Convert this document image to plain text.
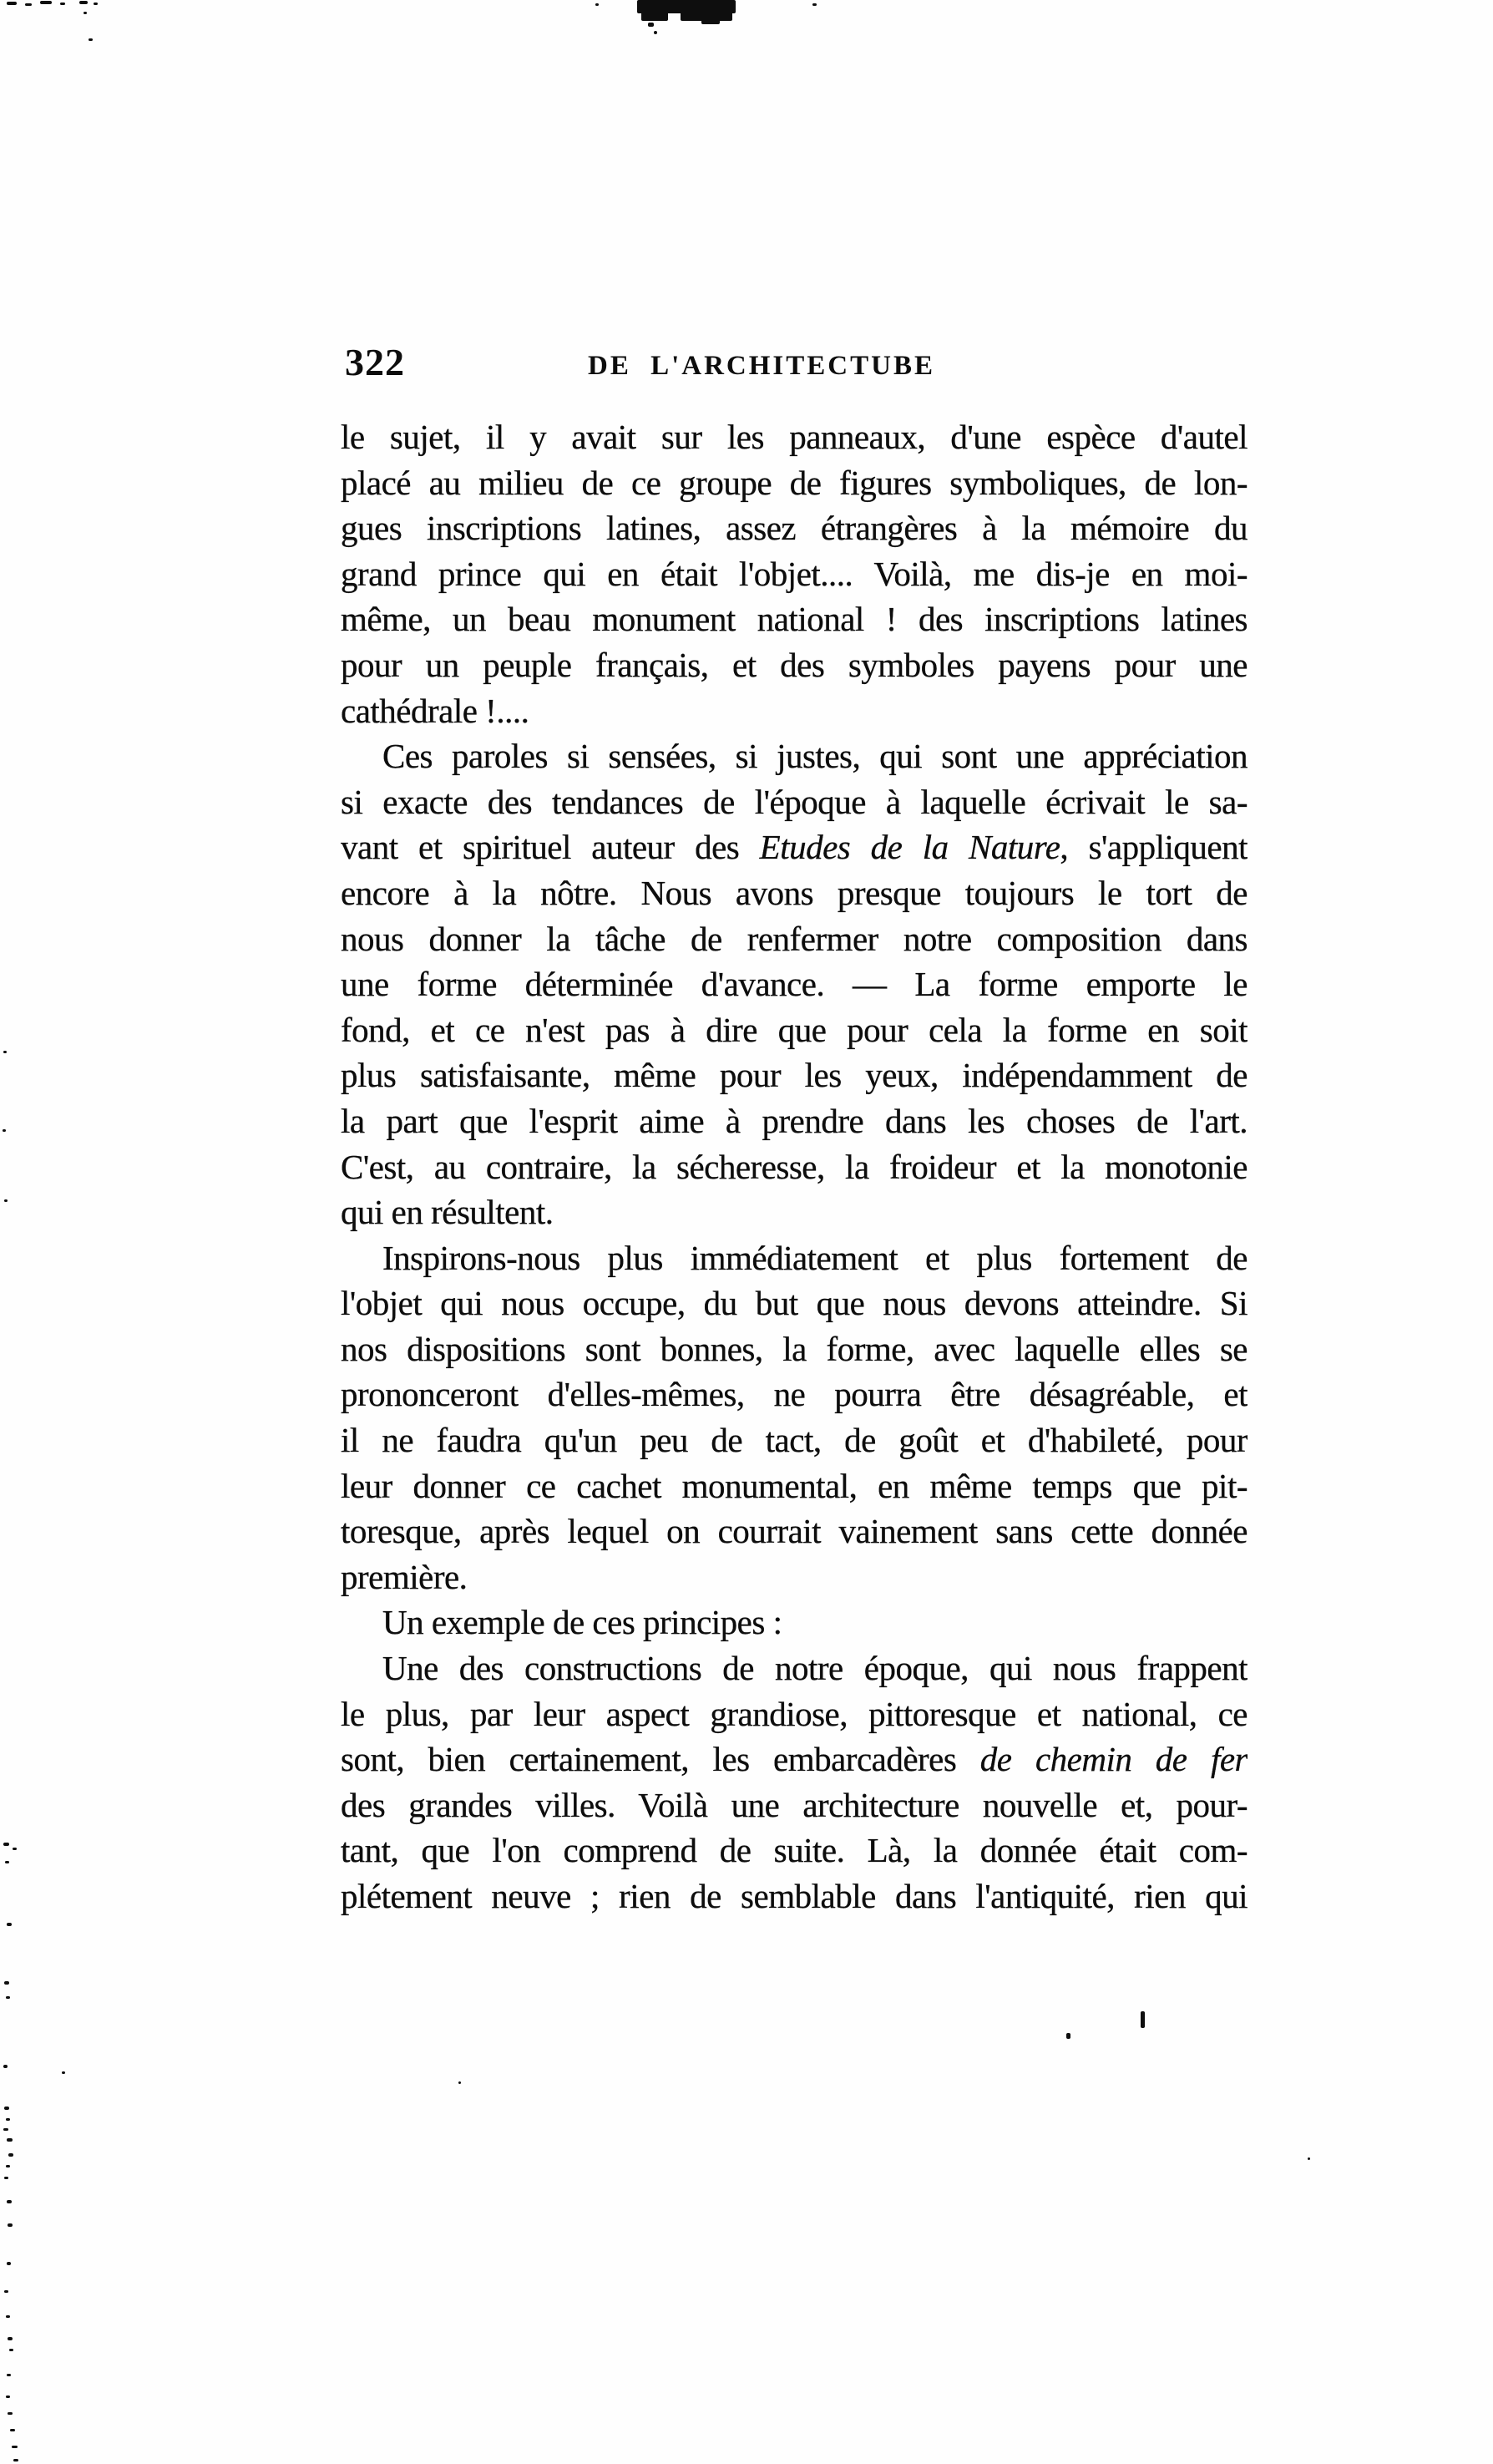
322	DE L'ARCHITECTUBE
le sujet, il y avait sur les panneaux, d'une espèce d'autel
placé au milieu de ce groupe de figures symboliques, de lon-
gues inscriptions latines, assez étrangères à la mémoire du
grand prince qui en était l'objet.... Voilà, me dis-je en moi-
même, un beau monument national ! des inscriptions latines
pour un peuple français, et des symboles payens pour une
cathédrale !....
Ces paroles si sensées, si justes, qui sont une appréciation
si exacte des tendances de l'époque à laquelle écrivait le sa-
vant et spirituel auteur des Etudes de la Nature, s'appliquent
encore à la nôtre. Nous avons presque toujours le tort de
nous donner la tâche de renfermer notre composition dans
une forme déterminée d'avance. — La forme emporte le
fond, et ce n'est pas à dire que pour cela la forme en soit
plus satisfaisante, même pour les yeux, indépendamment de
la part que l'esprit aime à prendre dans les choses de l'art.
C'est, au contraire, la sécheresse, la froideur et la monotonie
qui en résultent.
Inspirons-nous plus immédiatement et plus fortement de
l'objet qui nous occupe, du but que nous devons atteindre. Si
nos dispositions sont bonnes, la forme, avec laquelle elles se
prononceront d'elles-mêmes, ne pourra être désagréable, et
il ne faudra qu'un peu de tact, de goût et d'habileté, pour
leur donner ce cachet monumental, en même temps que pit-
toresque, après lequel on courrait vainement sans cette donnée
première.
Un exemple de ces principes :
Une des constructions de notre époque, qui nous frappent
le plus, par leur aspect grandiose, pittoresque et national, ce
sont, bien certainement, les embarcadères de chemin de fer
des grandes villes. Voilà une architecture nouvelle et, pour-
tant, que l'on comprend de suite. Là, la donnée était com-
plétement neuve ; rien de semblable dans l'antiquité, rien qui
